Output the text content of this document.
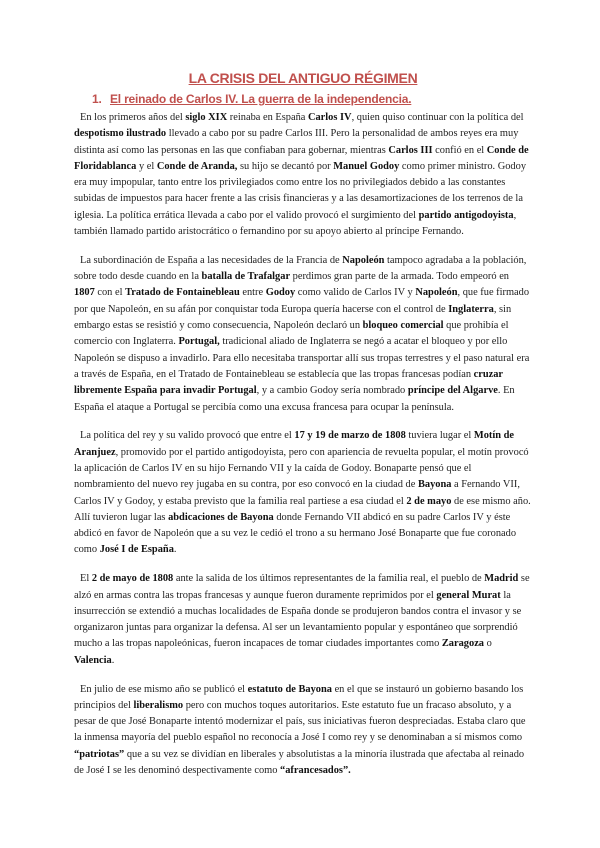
LA CRISIS DEL ANTIGUO RÉGIMEN
1. El reinado de Carlos IV. La guerra de la independencia.

En los primeros años del siglo XIX reinaba en España Carlos IV, quien quiso continuar con la política del despotismo ilustrado llevado a cabo por su padre Carlos III. Pero la personalidad de ambos reyes era muy distinta así como las personas en las que confiaban para gobernar, mientras Carlos III confió en el Conde de Floridablanca y el Conde de Aranda, su hijo se decantó por Manuel Godoy como primer ministro. Godoy era muy impopular, tanto entre los privilegiados como entre los no privilegiados debido a las constantes subidas de impuestos para hacer frente a las crisis financieras y a las desamortizaciones de los terrenos de la iglesia. La política errática llevada a cabo por el valido provocó el surgimiento del partido antigodoyista, también llamado partido aristocrático o fernandino por su apoyo abierto al príncipe Fernando.

La subordinación de España a las necesidades de la Francia de Napoleón tampoco agradaba a la población, sobre todo desde cuando en la batalla de Trafalgar perdimos gran parte de la armada. Todo empeoró en 1807 con el Tratado de Fontainebleau entre Godoy como valido de Carlos IV y Napoleón, que fue firmado por que Napoleón, en su afán por conquistar toda Europa quería hacerse con el control de Inglaterra, sin embargo estas se resistió y como consecuencia, Napoleón declaró un bloqueo comercial que prohibía el comercio con Inglaterra. Portugal, tradicional aliado de Inglaterra se negó a acatar el bloqueo y por ello Napoleón se dispuso a invadirlo. Para ello necesitaba transportar allí sus tropas terrestres y el paso natural era a través de España, en el Tratado de Fontainebleau se establecía que las tropas francesas podían cruzar libremente España para invadir Portugal, y a cambio Godoy sería nombrado príncipe del Algarve. En España el ataque a Portugal se percibía como una excusa francesa para ocupar la península.

La política del rey y su valido provocó que entre el 17 y 19 de marzo de 1808 tuviera lugar el Motín de Aranjuez, promovido por el partido antigodoyista, pero con apariencia de revuelta popular, el motín provocó la aplicación de Carlos IV en su hijo Fernando VII y la caída de Godoy. Bonaparte pensó que el nombramiento del nuevo rey jugaba en su contra, por eso convocó en la ciudad de Bayona a Fernando VII, Carlos IV y Godoy, y estaba previsto que la familia real partiese a esa ciudad el 2 de mayo de ese mismo año. Allí tuvieron lugar las abdicaciones de Bayona donde Fernando VII abdicó en su padre Carlos IV y éste abdicó en favor de Napoleón que a su vez le cedió el trono a su hermano José Bonaparte que fue coronado como José I de España.

El 2 de mayo de 1808 ante la salida de los últimos representantes de la familia real, el pueblo de Madrid se alzó en armas contra las tropas francesas y aunque fueron duramente reprimidos por el general Murat la insurrección se extendió a muchas localidades de España donde se produjeron bandos contra el invasor y se organizaron juntas para organizar la defensa. Al ser un levantamiento popular y espontáneo que sorprendió mucho a las tropas napoleónicas, fueron incapaces de tomar ciudades importantes como Zaragoza o Valencia.

En julio de ese mismo año se publicó el estatuto de Bayona en el que se instauró un gobierno basando los principios del liberalismo pero con muchos toques autoritarios. Este estatuto fue un fracaso absoluto, y a pesar de que José Bonaparte intentó modernizar el país, sus iniciativas fueron despreciadas. Estaba claro que la inmensa mayoría del pueblo español no reconocía a José I como rey y se denominaban a sí mismos como “patriotas” que a su vez se dividían en liberales y absolutistas a la minoría ilustrada que afectaba al reinado de José I se les denominó despectivamente como “afrancesados”.
